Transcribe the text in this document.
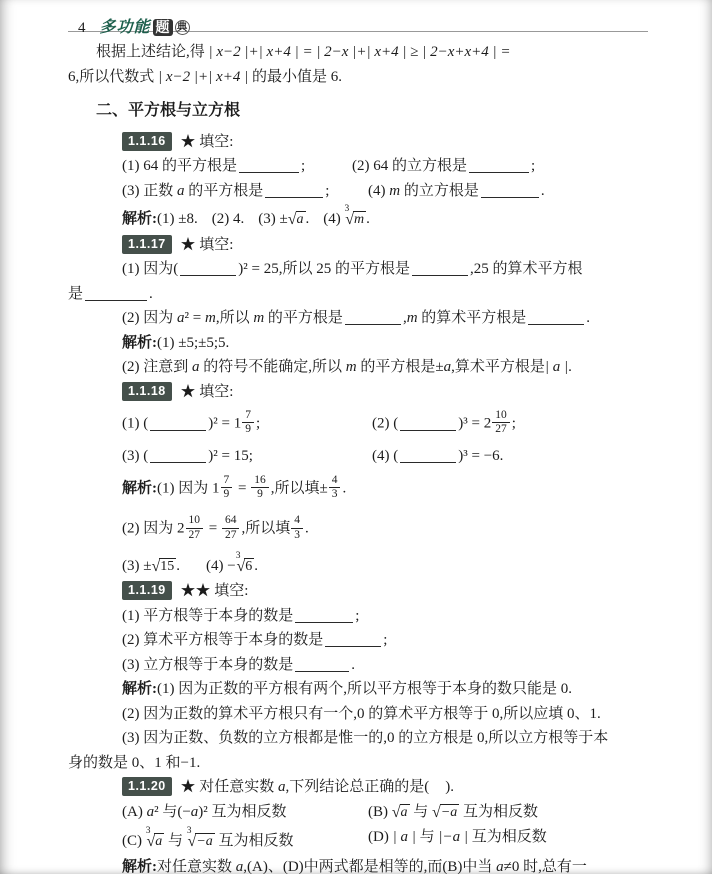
4 多功能 题 典
根据上述结论,得 | x−2 |+| x+4 | = | 2−x |+| x+4 | ≥ | 2−x+x+4 | =
6,所以代数式 | x−2 |+| x+4 | 的最小值是 6.
二、平方根与立方根
1.1.16 ★ 填空:
(1) 64 的平方根是	;	(2) 64 的立方根是	;
(3) 正数 a 的平方根是	;	(4) m 的立方根是	.
解析:(1) ±8. (2) 4. (3) ±√a . (4) $^3$√m .
1.1.17 ★ 填空:
(1) 因为(	)² = 25,所以 25 的平方根是	,25 的算术平方根
是	.
(2) 因为 a² = m,所以 m 的平方根是	,m 的算术平方根是	.
解析:(1) ±5;±5;5.
(2) 注意到 a 的符号不能确定,所以 m 的平方根是±a,算术平方根是| a |.
1.1.18 ★ 填空:
(1) (	)$^2 = 1 \frac{7}{9}$ ;	(2) (	)$^3 = 2 \frac{10}{27}$ ;
(3) (	)² = 15;	(4) (	)³ = −6.
解析:(1) 因为 $1 \frac{7}{9} = \frac{16}{9}$ ,所以填± $\frac{4}{3}$ .
(2) 因为 $2 \frac{10}{27} = \frac{64}{27}$ ,所以填 $\frac{4}{3}$ .
(3) ±√15 . (4) −$^3$√6 .
1.1.19 ★★ 填空:
(1) 平方根等于本身的数是	;
(2) 算术平方根等于本身的数是	;
(3) 立方根等于本身的数是	.
解析:(1) 因为正数的平方根有两个,所以平方根等于本身的数只能是 0.
(2) 因为正数的算术平方根只有一个,0 的算术平方根等于 0,所以应填 0、1.
(3) 因为正数、负数的立方根都是惟一的,0 的立方根是 0,所以立方根等于本
身的数是 0、1 和−1.
1.1.20 ★ 对任意实数 a,下列结论总正确的是( ).
(A) a² 与(−a)² 互为相反数	(B) √a 与 √−a 互为相反数
(C) $^3$√a 与 $^3$√−a 互为相反数	(D) | a | 与 |−a | 互为相反数
解析:对任意实数 a,(A)、(D)中两式都是相等的,而(B)中当 a≠0 时,总有一
